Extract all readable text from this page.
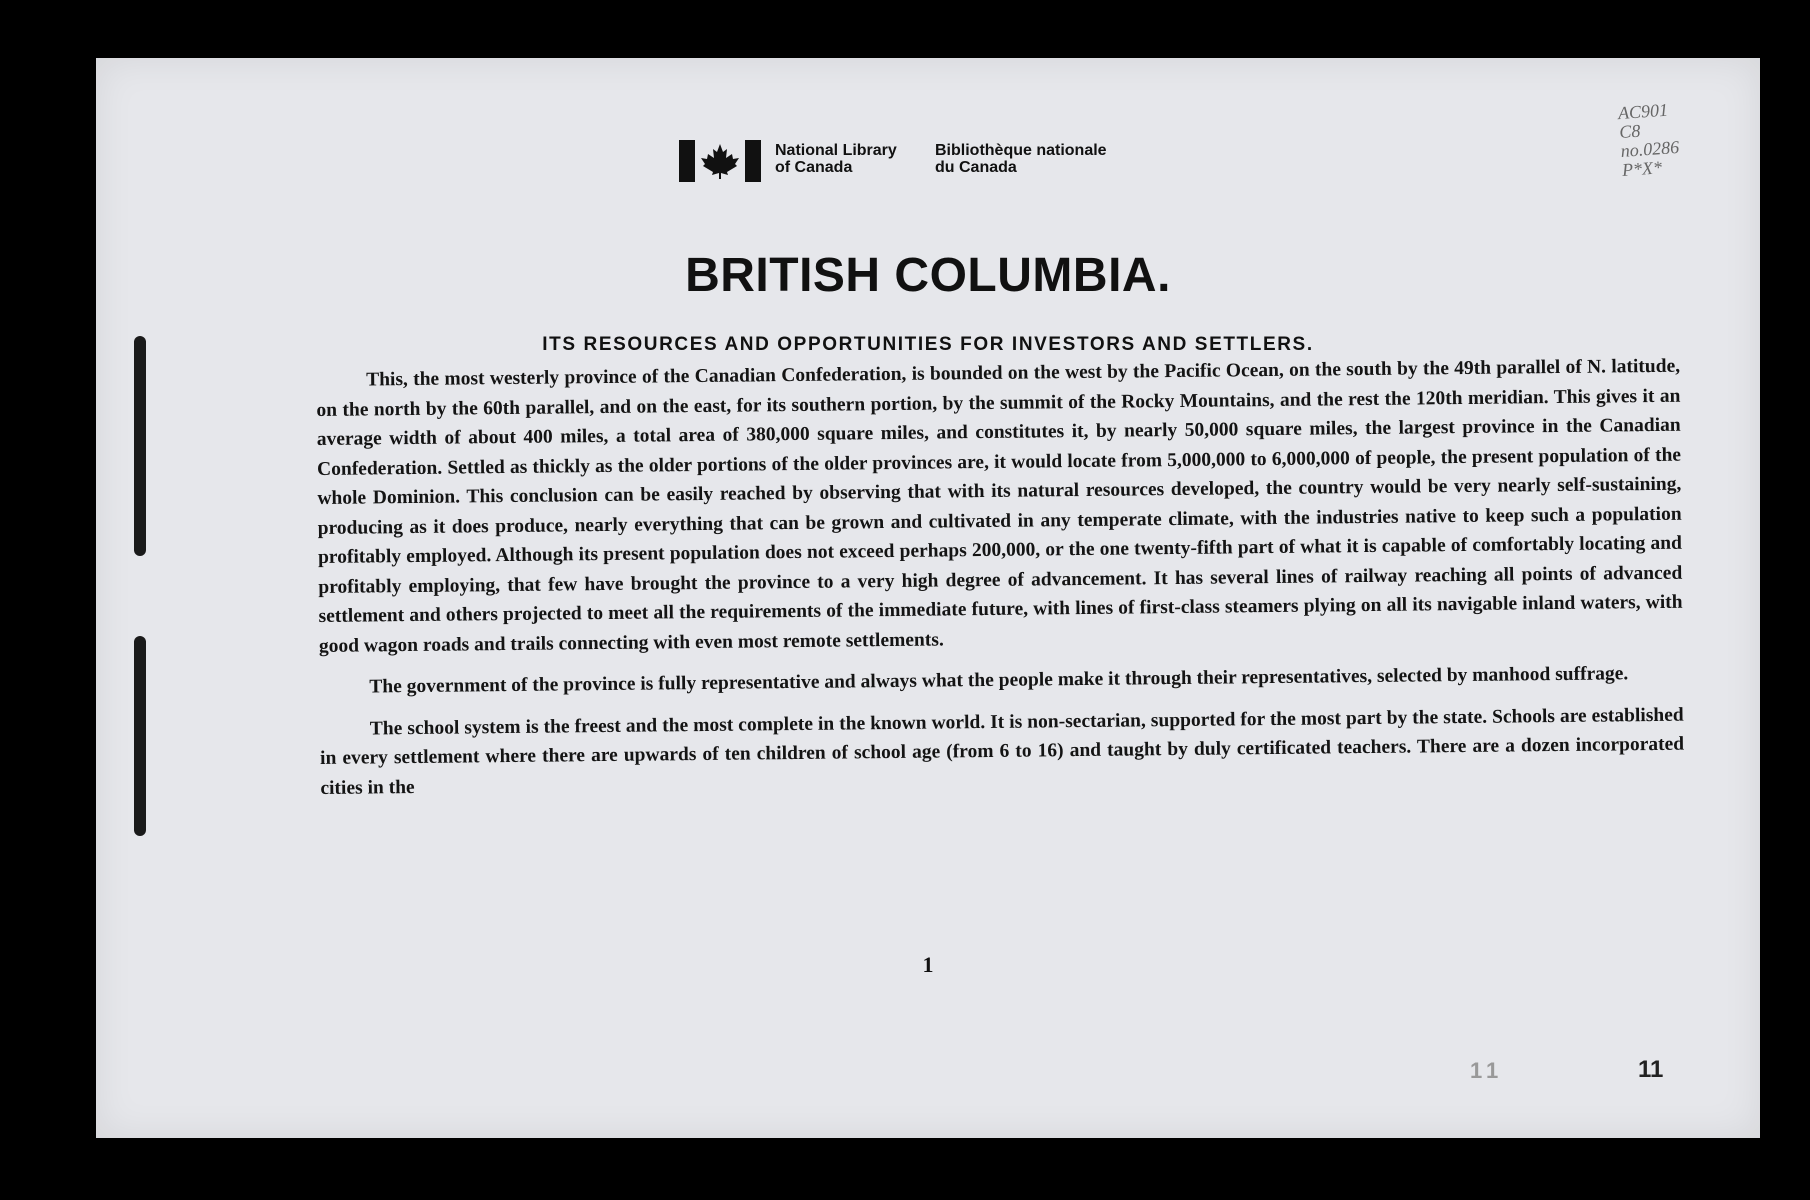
National Library
of Canada
Bibliothèque nationale
du Canada
AC901
C8
no.0286
P*X*
BRITISH COLUMBIA.
ITS RESOURCES AND OPPORTUNITIES FOR INVESTORS AND SETTLERS.

This, the most westerly province of the Canadian Confederation, is bounded on the west by the Pacific Ocean, on the south by the 49th parallel of N. latitude, on the north by the 60th parallel, and on the east, for its southern portion, by the summit of the Rocky Mountains, and the rest the 120th meridian. This gives it an average width of about 400 miles, a total area of 380,000 square miles, and constitutes it, by nearly 50,000 square miles, the largest province in the Canadian Confederation. Settled as thickly as the older portions of the older provinces are, it would locate from 5,000,000 to 6,000,000 of people, the present population of the whole Dominion. This conclusion can be easily reached by observing that with its natural resources developed, the country would be very nearly self-sustaining, producing as it does produce, nearly everything that can be grown and cultivated in any temperate climate, with the industries native to keep such a population profitably employed. Although its present population does not exceed perhaps 200,000, or the one twenty-fifth part of what it is capable of comfortably locating and profitably employing, that few have brought the province to a very high degree of advancement. It has several lines of railway reaching all points of advanced settlement and others projected to meet all the requirements of the immediate future, with lines of first-class steamers plying on all its navigable inland waters, with good wagon roads and trails connecting with even most remote settlements.

The government of the province is fully representative and always what the people make it through their representatives, selected by manhood suffrage.

The school system is the freest and the most complete in the known world. It is non-sectarian, supported for the most part by the state. Schools are established in every settlement where there are upwards of ten children of school age (from 6 to 16) and taught by duly certificated teachers. There are a dozen incorporated cities in the

1
11	11
